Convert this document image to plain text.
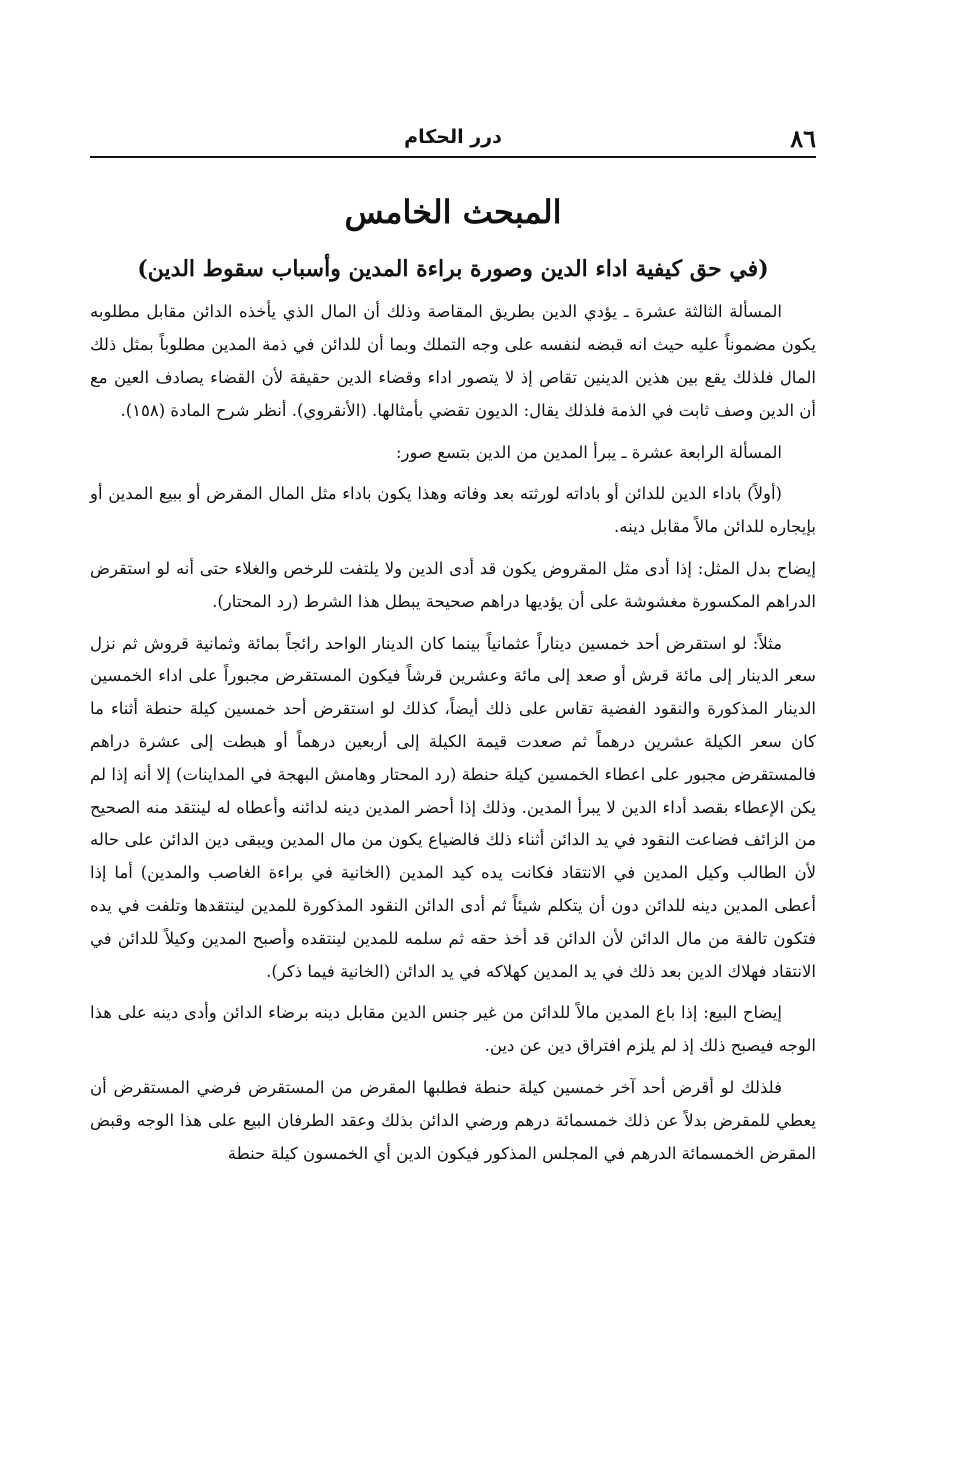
٨٦
درر الحكام
المبحث الخامس
(في حق كيفية اداء الدين وصورة براءة المدين وأسباب سقوط الدين)

المسألة الثالثة عشرة ـ يؤدي الدين بطريق المقاصة وذلك أن المال الذي يأخذه الدائن مقابل مطلوبه يكون مضموناً عليه حيث انه قبضه لنفسه على وجه التملك وبما أن للدائن في ذمة المدين مطلوباً بمثل ذلك المال فلذلك يقع بين هذين الدينين تقاص إذ لا يتصور اداء وقضاء الدين حقيقة لأن القضاء يصادف العين مع أن الدين وصف ثابت في الذمة فلذلك يقال: الديون تقضي بأمثالها. (الأنقروي). أنظر شرح المادة (١٥٨).

المسألة الرابعة عشرة ـ يبرأ المدين من الدين بتسع صور:

(أولاً) باداء الدين للدائن أو باداته لورثته بعد وفاته وهذا يكون باداء مثل المال المقرض أو ببيع المدين أو بإيجاره للدائن مالاً مقابل دينه.

إيضاح بدل المثل: إذا أدى مثل المقروض يكون قد أدى الدين ولا يلتفت للرخص والغلاء حتى أنه لو استقرض الدراهم المكسورة مغشوشة على أن يؤديها دراهم صحيحة يبطل هذا الشرط (رد المحتار).

مثلاً: لو استقرض أحد خمسين ديناراً عثمانياً بينما كان الدينار الواحد رائجاً بمائة وثمانية قروش ثم نزل سعر الدينار إلى مائة قرش أو صعد إلى مائة وعشرين قرشاً فيكون المستقرض مجبوراً على اداء الخمسين الدينار المذكورة والنقود الفضية تقاس على ذلك أيضاً، كذلك لو استقرض أحد خمسين كيلة حنطة أثناء ما كان سعر الكيلة عشرين درهماً ثم صعدت قيمة الكيلة إلى أربعين درهماً أو هبطت إلى عشرة دراهم فالمستقرض مجبور على اعطاء الخمسين كيلة حنطة (رد المحتار وهامش البهجة في المداينات) إلا أنه إذا لم يكن الإعطاء بقصد أداء الدين لا يبرأ المدين. وذلك إذا أحضر المدين دينه لدائنه وأعطاه له لينتقد منه الصحيح من الزائف فضاعت النقود في يد الدائن أثناء ذلك فالضياع يكون من مال المدين ويبقى دين الدائن على حاله لأن الطالب وكيل المدين في الانتقاد فكانت يده كيد المدين (الخانية في براءة الغاصب والمدين) أما إذا أعطى المدين دينه للدائن دون أن يتكلم شيئاً ثم أدى الدائن النقود المذكورة للمدين لينتقدها وتلفت في يده فتكون تالفة من مال الدائن لأن الدائن قد أخذ حقه ثم سلمه للمدين لينتقده وأصبح المدين وكيلاً للدائن في الانتقاد فهلاك الدين بعد ذلك في يد المدين كهلاكه في يد الدائن (الخانية فيما ذكر).

إيضاح البيع: إذا باع المدين مالاً للدائن من غير جنس الدين مقابل دينه برضاء الدائن وأدى دينه على هذا الوجه فيصبح ذلك إذ لم يلزم افتراق دين عن دين.

فلذلك لو أقرض أحد آخر خمسين كيلة حنطة فطلبها المقرض من المستقرض فرضي المستقرض أن يعطي للمقرض بدلاً عن ذلك خمسمائة درهم ورضي الدائن بذلك وعقد الطرفان البيع على هذا الوجه وقبض المقرض الخمسمائة الدرهم في المجلس المذكور فيكون الدين أي الخمسون كيلة حنطة
